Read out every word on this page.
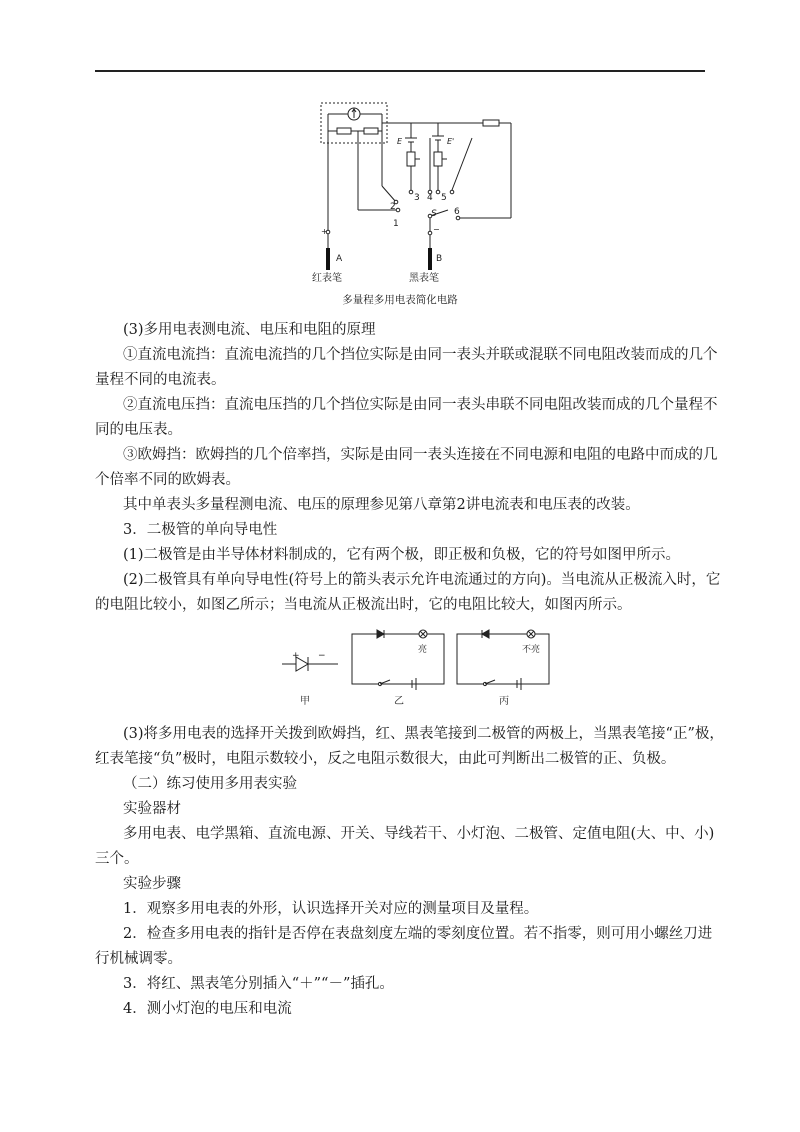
E	E'
2
1
3 4 5
6
S
−
+
A	B
红表笔	黑表笔
多量程多用电表简化电路
(3)多用电表测电流、电压和电阻的原理
①直流电流挡：直流电流挡的几个挡位实际是由同一表头并联或混联不同电阻改装而成的几个
量程不同的电流表。
②直流电压挡：直流电压挡的几个挡位实际是由同一表头串联不同电阻改装而成的几个量程不
同的电压表。
③欧姆挡：欧姆挡的几个倍率挡，实际是由同一表头连接在不同电源和电阻的电路中而成的几
个倍率不同的欧姆表。
其中单表头多量程测电流、电压的原理参见第八章第2讲电流表和电压表的改装。
3．二极管的单向导电性
(1)二极管是由半导体材料制成的，它有两个极，即正极和负极，它的符号如图甲所示。
(2)二极管具有单向导电性(符号上的箭头表示允许电流通过的方向)。当电流从正极流入时，它
的电阻比较小，如图乙所示；当电流从正极流出时，它的电阻比较大，如图丙所示。
+ −
亮	不亮
甲	乙	丙
(3)将多用电表的选择开关拨到欧姆挡，红、黑表笔接到二极管的两极上，当黑表笔接“正”极，
红表笔接“负”极时，电阻示数较小，反之电阻示数很大，由此可判断出二极管的正、负极。
（二）练习使用多用表实验
实验器材
多用电表、电学黑箱、直流电源、开关、导线若干、小灯泡、二极管、定值电阻(大、中、小)
三个。
实验步骤
1．观察多用电表的外形，认识选择开关对应的测量项目及量程。
2．检查多用电表的指针是否停在表盘刻度左端的零刻度位置。若不指零，则可用小螺丝刀进
行机械调零。
3．将红、黑表笔分别插入“＋”“－”插孔。
4．测小灯泡的电压和电流
